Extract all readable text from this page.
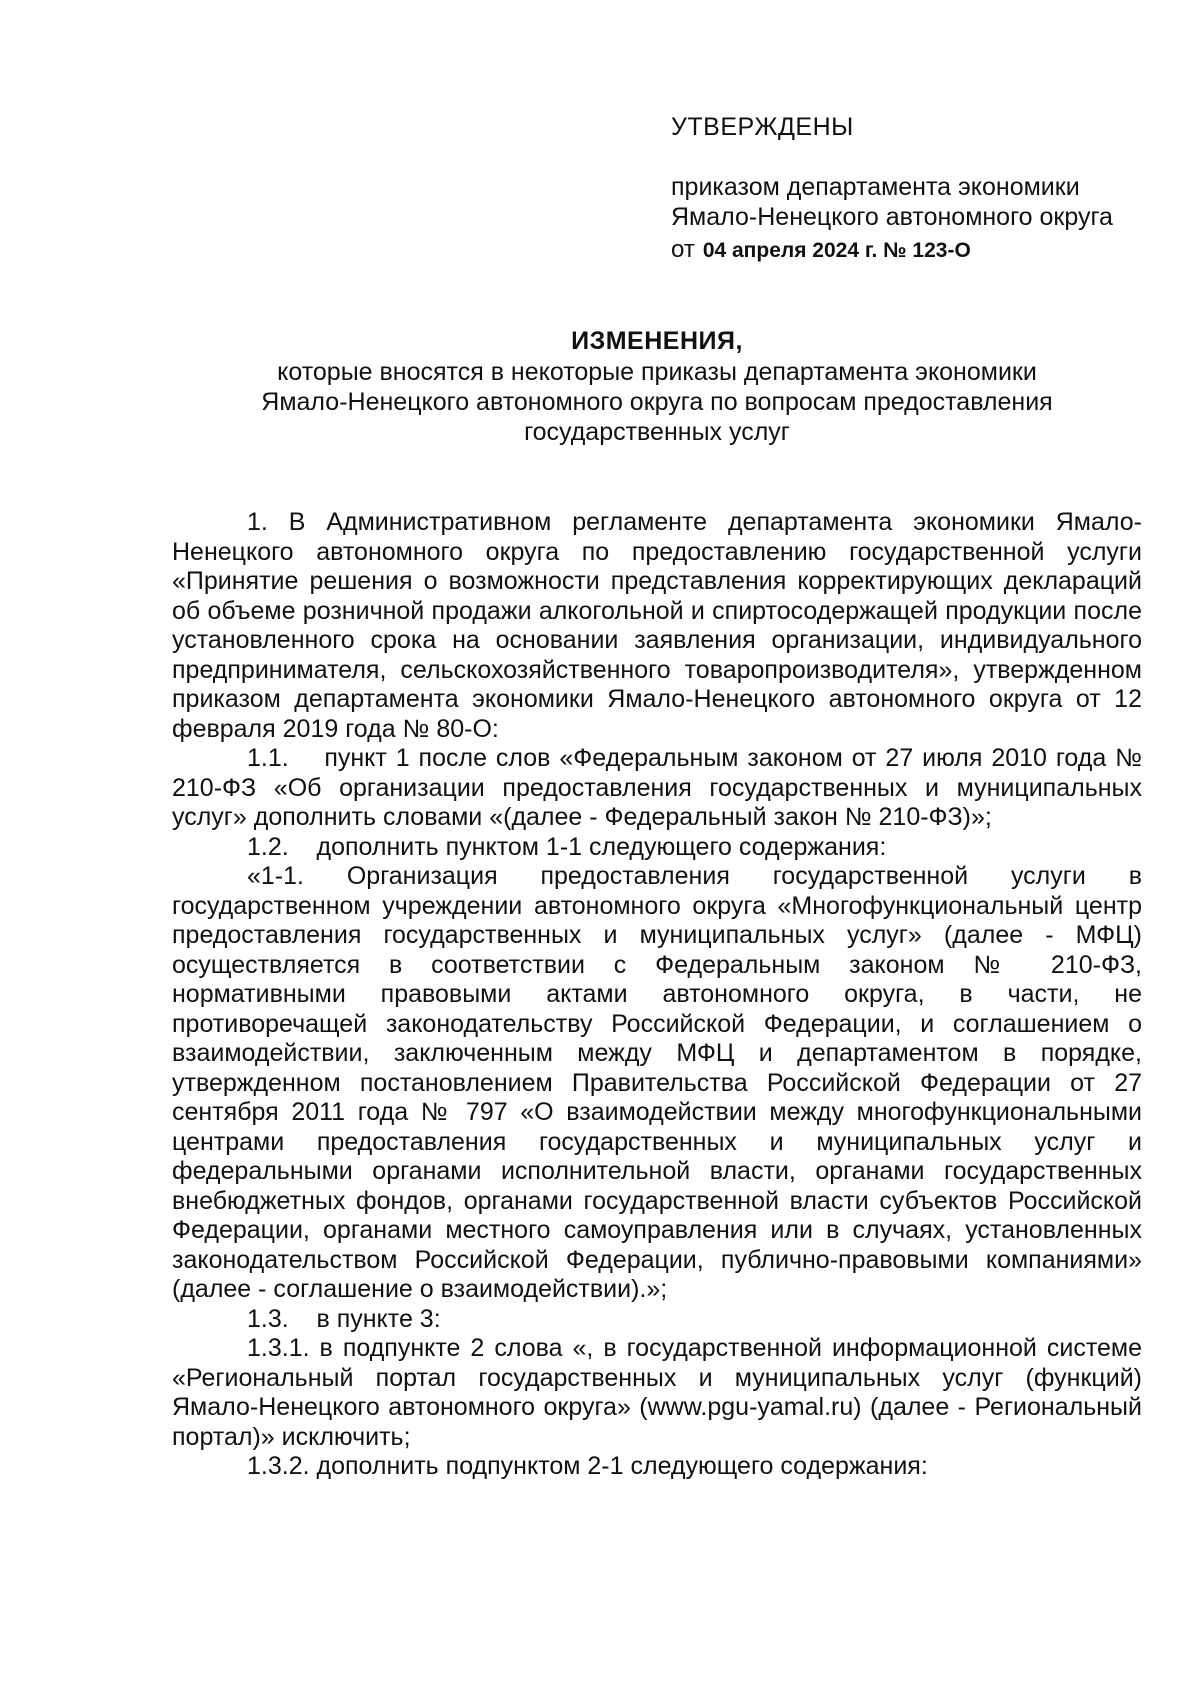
УТВЕРЖДЕНЫ
приказом департамента экономики
Ямало-Ненецкого автономного округа
от 04 апреля 2024 г. № 123-О
ИЗМЕНЕНИЯ,
которые вносятся в некоторые приказы департамента экономики
Ямало-Ненецкого автономного округа по вопросам предоставления
государственных услуг

1. В Административном регламенте департамента экономики Ямало-Ненецкого автономного округа по предоставлению государственной услуги «Принятие решения о возможности представления корректирующих деклараций об объеме розничной продажи алкогольной и спиртосодержащей продукции после установленного срока на основании заявления организации, индивидуального предпринимателя, сельскохозяйственного товаропроизводителя», утвержденном приказом департамента экономики Ямало-Ненецкого автономного округа от 12 февраля 2019 года № 80-О:

1.1.    пункт 1 после слов «Федеральным законом от 27 июля 2010 года № 210-ФЗ «Об организации предоставления государственных и муниципальных услуг» дополнить словами «(далее - Федеральный закон № 210-ФЗ)»;

1.2.    дополнить пунктом 1-1 следующего содержания:

«1-1. Организация предоставления государственной услуги в государственном учреждении автономного округа «Многофункциональный центр предоставления государственных и муниципальных услуг» (далее - МФЦ) осуществляется в соответствии с Федеральным законом № 210-ФЗ, нормативными правовыми актами автономного округа, в части, не противоречащей законодательству Российской Федерации, и соглашением о взаимодействии, заключенным между МФЦ и департаментом в порядке, утвержденном постановлением Правительства Российской Федерации от 27 сентября 2011 года № 797 «О взаимодействии между многофункциональными центрами предоставления государственных и муниципальных услуг и федеральными органами исполнительной власти, органами государственных внебюджетных фондов, органами государственной власти субъектов Российской Федерации, органами местного самоуправления или в случаях, установленных законодательством Российской Федерации, публично-правовыми компаниями» (далее - соглашение о взаимодействии).»;

1.3.    в пункте 3:

1.3.1. в подпункте 2 слова «, в государственной информационной системе «Региональный портал государственных и муниципальных услуг (функций) Ямало-Ненецкого автономного округа» (www.pgu-yamal.ru) (далее - Региональный портал)» исключить;

1.3.2. дополнить подпунктом 2-1 следующего содержания:
